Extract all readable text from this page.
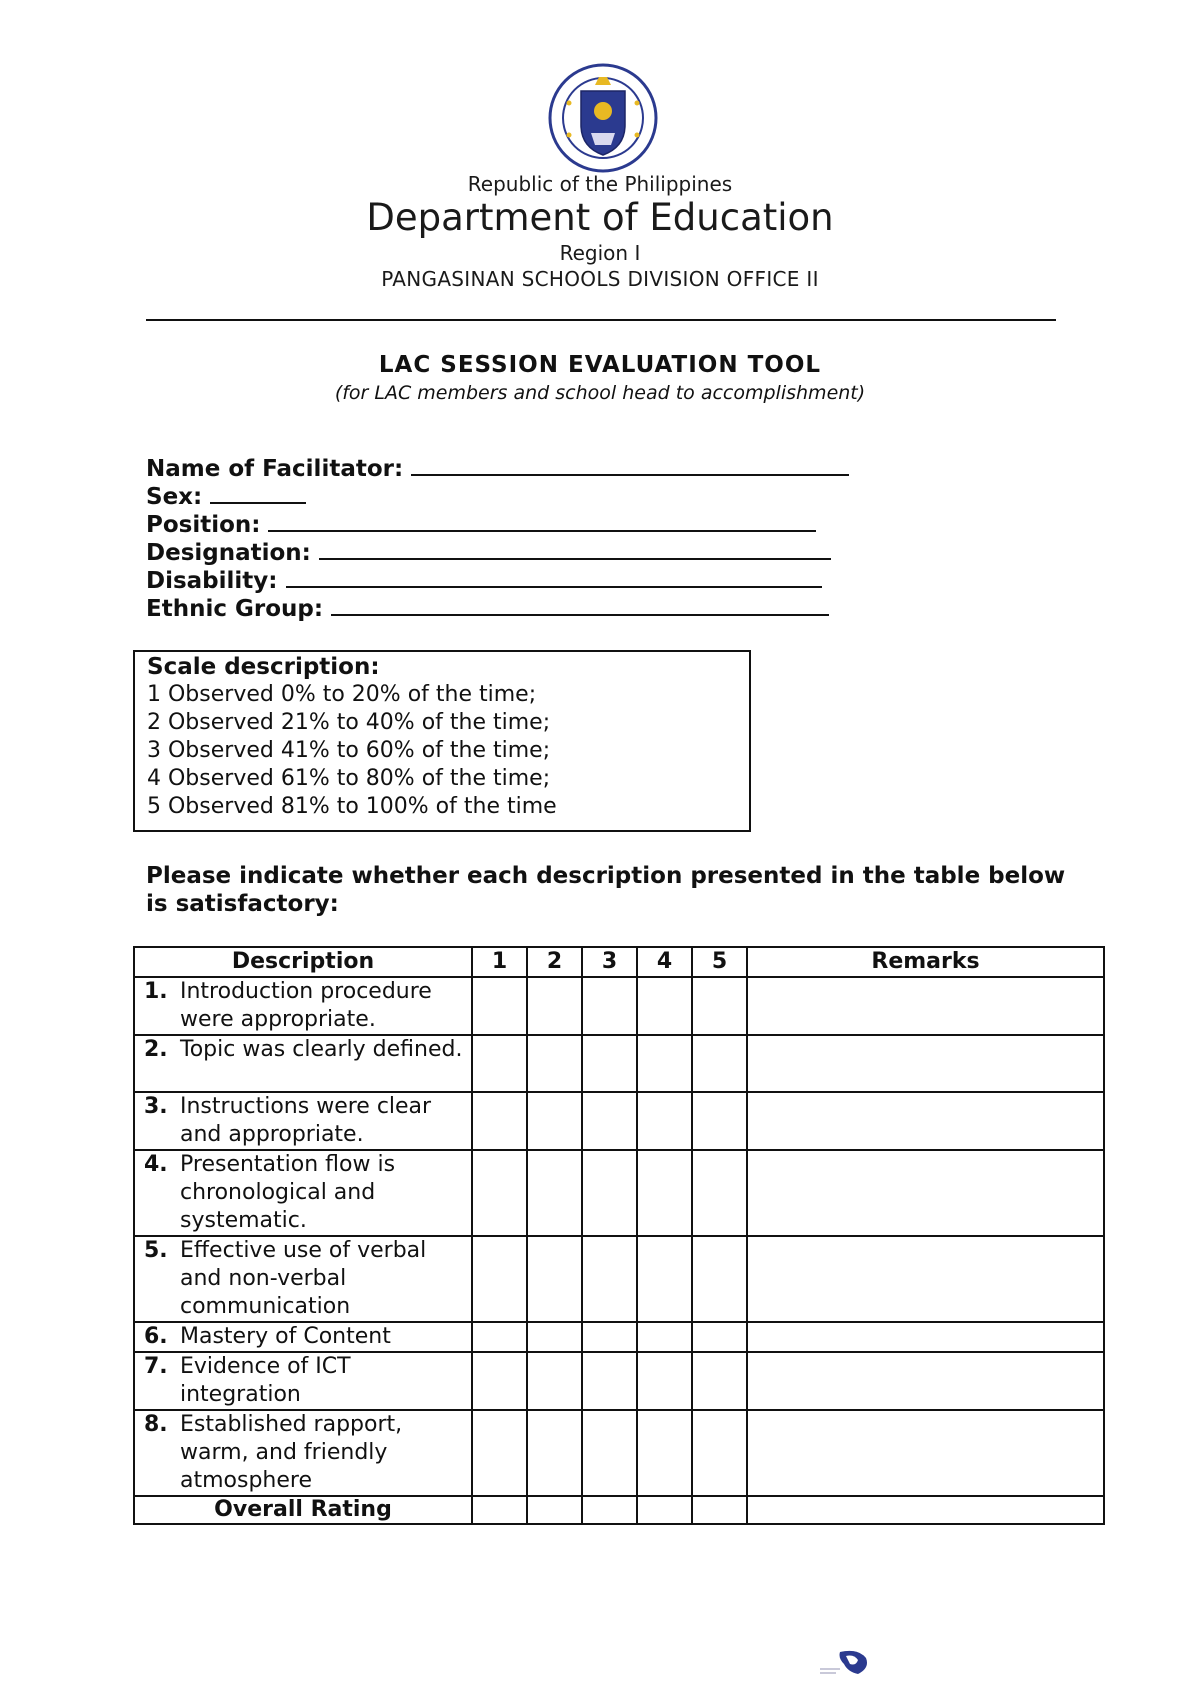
Republic of the Philippines
Department of Education
Region I
PANGASINAN SCHOOLS DIVISION OFFICE II
LAC SESSION EVALUATION TOOL
(for LAC members and school head to accomplishment)
Name of Facilitator:
Sex:
Position:
Designation:
Disability:
Ethnic Group:
Scale description:
1 Observed 0% to 20% of the time;
2 Observed 21% to 40% of the time;
3 Observed 41% to 60% of the time;
4 Observed 61% to 80% of the time;
5 Observed 81% to 100% of the time
Please indicate whether each description presented in the table below is satisfactory:
Description	1	2	3	4	5	Remarks
1. Introduction procedure were appropriate.						
2. Topic was clearly defined.						
3. Instructions were clear and appropriate.						
4. Presentation flow is chronological and systematic.						
5. Effective use of verbal and non-verbal communication						
6. Mastery of Content						
7. Evidence of ICT integration						
8. Established rapport, warm, and friendly atmosphere						
Overall Rating						
